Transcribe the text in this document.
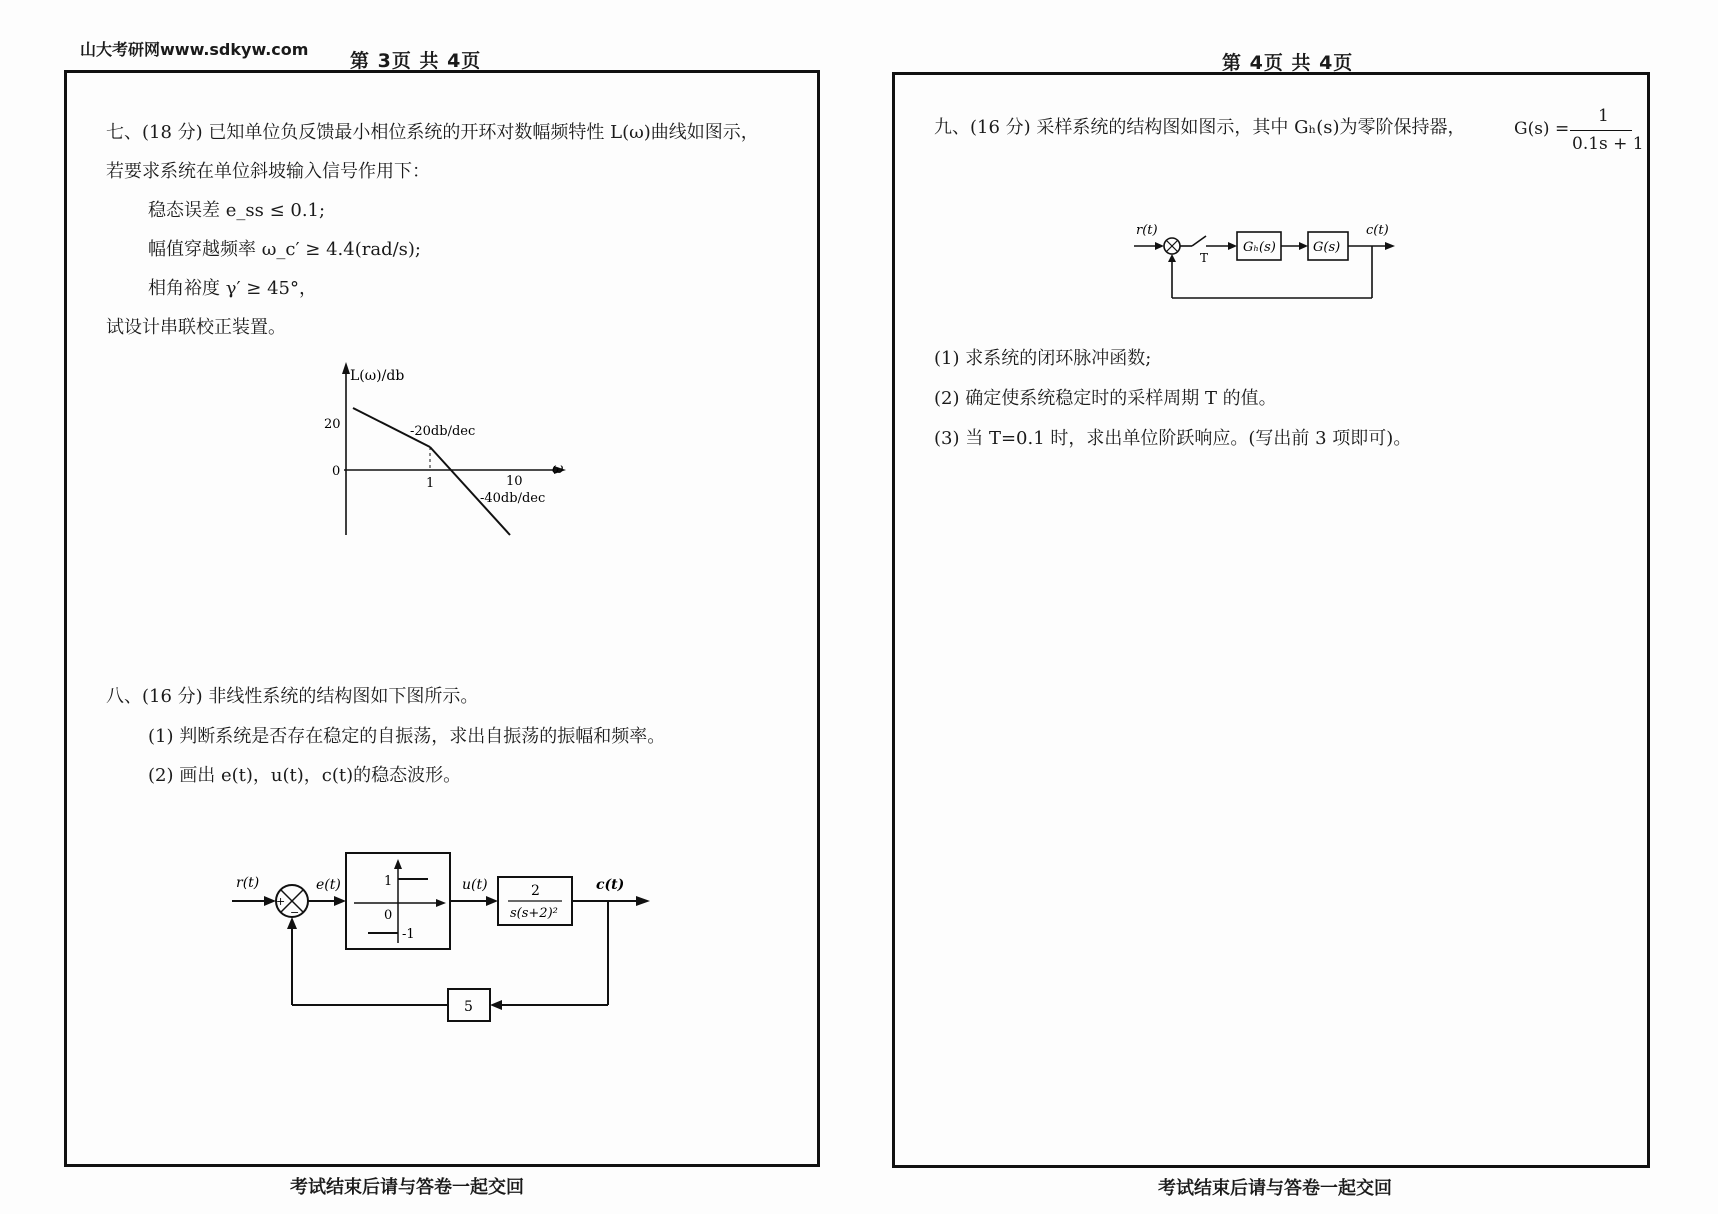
山大考研网www.sdkyw.com
第 3页 共 4页	第 4页 共 4页
七、(18 分) 已知单位负反馈最小相位系统的开环对数幅频特性 L(ω)曲线如图示，
若要求系统在单位斜坡输入信号作用下：
稳态误差 e_ss ≤ 0.1;
幅值穿越频率 ω_c′ ≥ 4.4(rad/s);
相角裕度 γ′ ≥ 45°，
试设计串联校正装置。
L(ω)/db
ω
20
0
1	10
-20db/dec
-40db/dec
八、(16 分) 非线性系统的结构图如下图所示。
(1) 判断系统是否存在稳定的自振荡，求出自振荡的振幅和频率。
(2) 画出 e(t)，u(t)，c(t)的稳态波形。
r(t)
+
−
e(t)	1
0
-1
u(t)	2
s(s+2)²
c(t)
5
考试结束后请与答卷一起交回
九、(16 分) 采样系统的结构图如图示，其中 Gₕ(s)为零阶保持器，	G(s) =
1
0.1s + 1
r(t)
T
Gₕ(s)	G(s)
c(t)
(1) 求系统的闭环脉冲函数;
(2) 确定使系统稳定时的采样周期 T 的值。
(3) 当 T=0.1 时，求出单位阶跃响应。(写出前 3 项即可)。
考试结束后请与答卷一起交回
